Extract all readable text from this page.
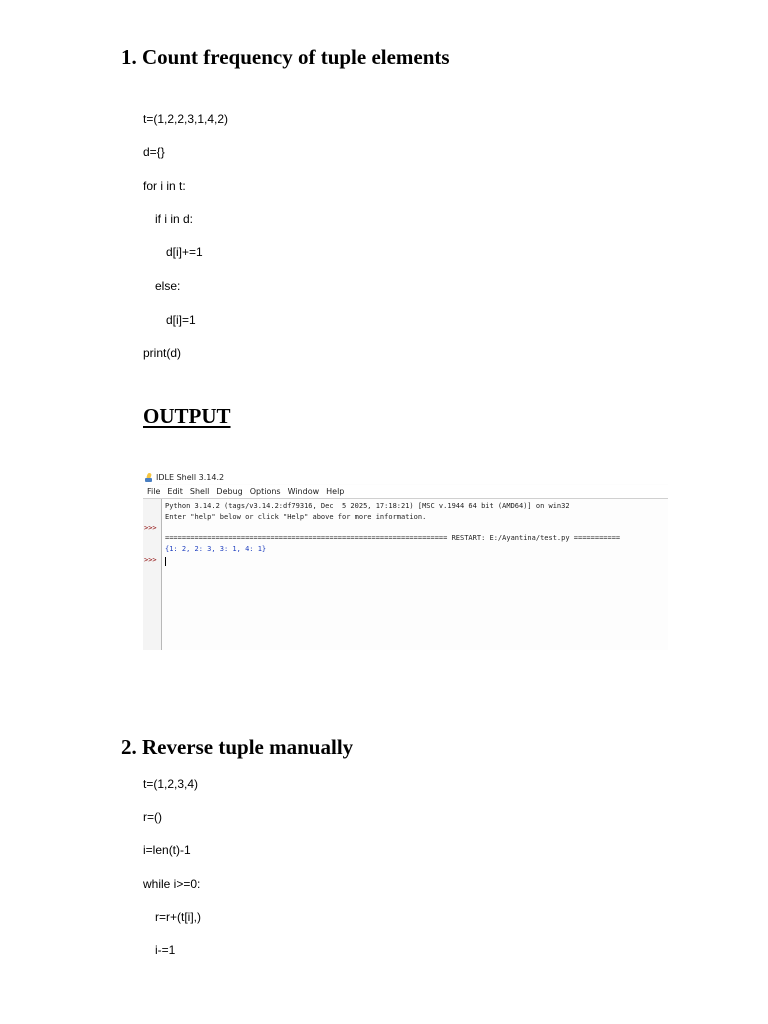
1. Count frequency of tuple elements

t=(1,2,2,3,1,4,2)

d={}

for i in t:

if i in d:

d[i]+=1

else:

d[i]=1

print(d)

OUTPUT
IDLE Shell 3.14.2
File Edit Shell Debug Options Window Help
>>>
>>>
Python 3.14.2 (tags/v3.14.2:df79316, Dec  5 2025, 17:18:21) [MSC v.1944 64 bit (AMD64)] on win32
Enter "help" below or click "Help" above for more information.
=================================================================== RESTART: E:/Ayantina/test.py ===========
{1: 2, 2: 3, 3: 1, 4: 1}
2. Reverse tuple manually

t=(1,2,3,4)

r=()

i=len(t)-1

while i>=0:

r=r+(t[i],)

i-=1
